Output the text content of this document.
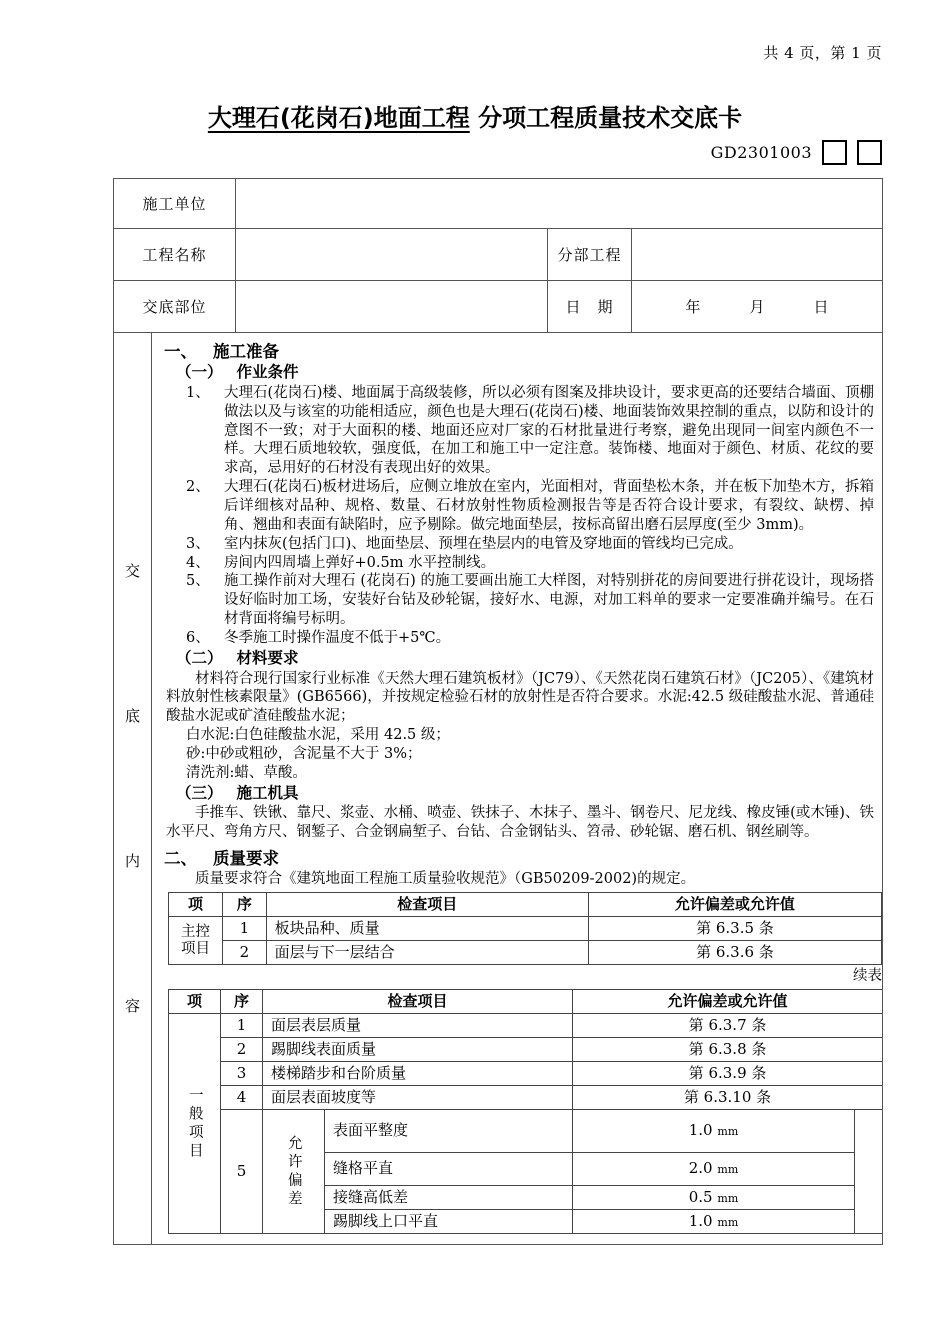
共 4 页，第 1 页
大理石(花岗石)地面工程 分项工程质量技术交底卡
GD2301003
施工单位	
工程名称		分部工程	
交底部位		日　期	年	月	日

交
底
内
容

一、 施工准备
（一） 作业条件
1、 大理石(花岗石)楼、地面属于高级装修，所以必须有图案及排块设计，要求更高的还要结合墙面、顶棚做法以及与该室的功能相适应，颜色也是大理石(花岗石)楼、地面装饰效果控制的重点，以防和设计的意图不一致；对于大面积的楼、地面还应对厂家的石材批量进行考察，避免出现同一间室内颜色不一样。大理石质地较软，强度低，在加工和施工中一定注意。装饰楼、地面对于颜色、材质、花纹的要求高，忌用好的石材没有表现出好的效果。
2、 大理石(花岗石)板材进场后，应侧立堆放在室内，光面相对，背面垫松木条，并在板下加垫木方，拆箱后详细核对品种、规格、数量、石材放射性物质检测报告等是否符合设计要求，有裂纹、缺楞、掉角、翘曲和表面有缺陷时，应予剔除。做完地面垫层，按标高留出磨石层厚度(至少 3mm)。
3、 室内抹灰(包括门口)、地面垫层、预埋在垫层内的电管及穿地面的管线均已完成。
4、 房间内四周墙上弹好+0.5m 水平控制线。
5、 施工操作前对大理石 (花岗石) 的施工要画出施工大样图，对特别拼花的房间要进行拼花设计，现场搭设好临时加工场，安装好台钻及砂轮锯，接好水、电源，对加工料单的要求一定要准确并编号。在石材背面将编号标明。
6、 冬季施工时操作温度不低于+5℃。
（二） 材料要求
材料符合现行国家行业标准《天然大理石建筑板材》（JC79）、《天然花岗石建筑石材》（JC205）、《建筑材料放射性核素限量》(GB6566)，并按规定检验石材的放射性是否符合要求。水泥:42.5 级硅酸盐水泥、普通硅酸盐水泥或矿渣硅酸盐水泥；
白水泥:白色硅酸盐水泥，采用 42.5 级；
砂:中砂或粗砂，含泥量不大于 3%；
清洗剂:蜡、草酸。
（三） 施工机具
手推车、铁锹、靠尺、浆壶、水桶、喷壶、铁抹子、木抹子、墨斗、钢卷尺、尼龙线、橡皮锤(或木锤)、铁水平尺、弯角方尺、钢錾子、合金钢扁堑子、台钻、合金钢钻头、笤帚、砂轮锯、磨石机、钢丝刷等。
二、 质量要求
质量要求符合《建筑地面工程施工质量验收规范》（GB50209-2002)的规定。
项	序	检查项目	允许偏差或允许值

主控
项目
	1	板块品种、质量	第 6.3.5 条
2	面层与下一层结合	第 6.3.6 条
续表
项	序	检查项目	允许偏差或允许值

一般项目
	1	面层表层质量	第 6.3.7 条
2	踢脚线表面质量	第 6.3.8 条
3	楼梯踏步和台阶质量	第 6.3.9 条
4	面层表面坡度等	第 6.3.10 条
5	允许偏差
	表面平整度	1.0 mm	
缝格平直	2.0 mm
接缝高低差	0.5 mm
踢脚线上口平直	1.0 mm
